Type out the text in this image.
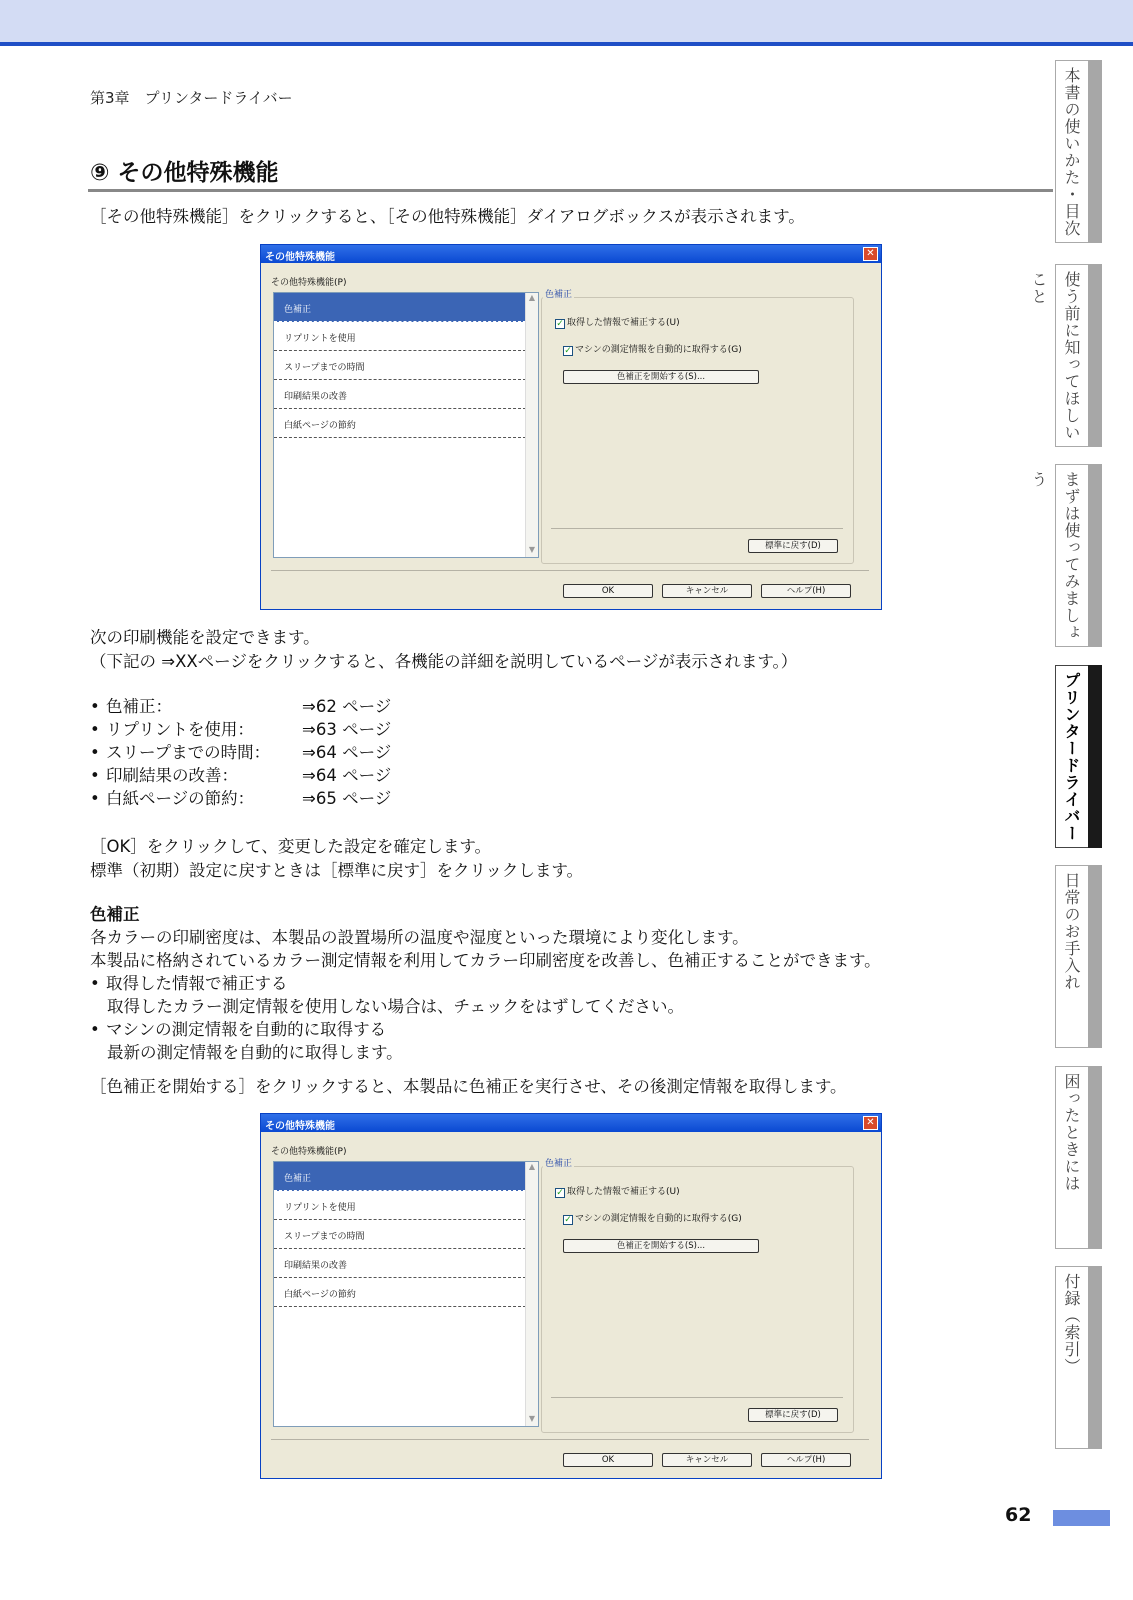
第3章　プリンタードライバー
⑨ その他特殊機能
［その他特殊機能］をクリックすると、［その他特殊機能］ダイアログボックスが表示されます。
その他特殊機能	✕
その他特殊機能(P)
色補正
リプリントを使用
スリープまでの時間
印刷結果の改善
白紙ページの節約
▲
▼
色補正
✓ 取得した情報で補正する(U)
✓ マシンの測定情報を自動的に取得する(G)
色補正を開始する(S)...
標準に戻す(D)
OK	キャンセル	ヘルプ(H)
次の印刷機能を設定できます。
（下記の ⇒XXページをクリックすると、各機能の詳細を説明しているページが表示されます。）
• 色補正：	⇒62 ページ
• リプリントを使用：	⇒63 ページ
• スリープまでの時間： ⇒64 ページ
• 印刷結果の改善：	⇒64 ページ
• 白紙ページの節約：	⇒65 ページ
［OK］をクリックして、変更した設定を確定します。
標準（初期）設定に戻すときは［標準に戻す］をクリックします。
色補正
各カラーの印刷密度は、本製品の設置場所の温度や湿度といった環境により変化します。
本製品に格納されているカラー測定情報を利用してカラー印刷密度を改善し、色補正することができます。
• 取得した情報で補正する
取得したカラー測定情報を使用しない場合は、チェックをはずしてください。
• マシンの測定情報を自動的に取得する
最新の測定情報を自動的に取得します。
［色補正を開始する］をクリックすると、本製品に色補正を実行させ、その後測定情報を取得します。
その他特殊機能	✕
その他特殊機能(P)
色補正
リプリントを使用
スリープまでの時間
印刷結果の改善
白紙ページの節約
▲
▼
色補正
✓ 取得した情報で補正する(U)
✓ マシンの測定情報を自動的に取得する(G)
色補正を開始する(S)...
標準に戻す(D)
OK	キャンセル	ヘルプ(H)
本書の使いかた・目次
使う前に知ってほしいこと
まずは使ってみましょう
プリンタードライバー
日常のお手入れ
困ったときには
付録（索引）
62
